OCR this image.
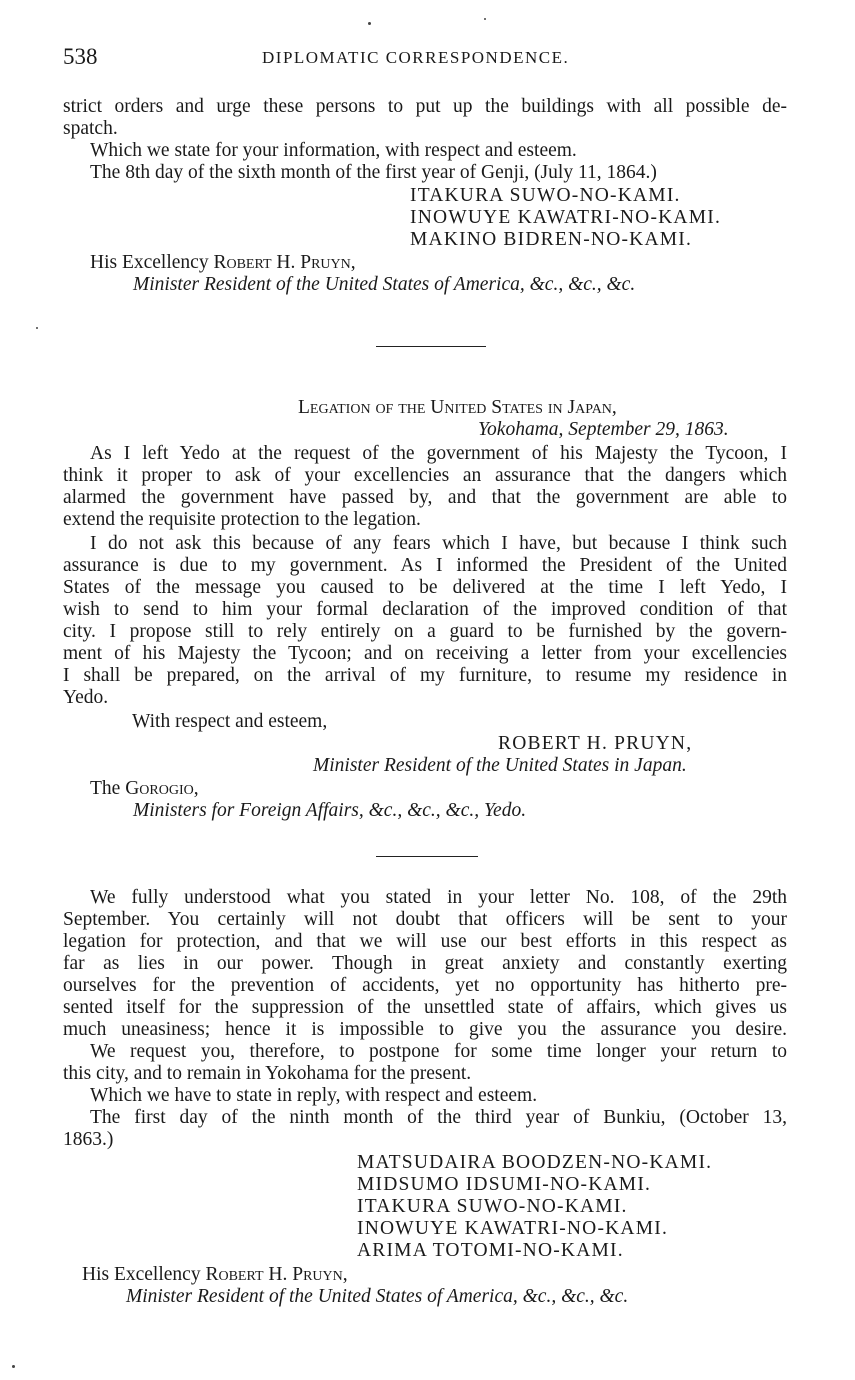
538	DIPLOMATIC CORRESPONDENCE.
strict orders and urge these persons to put up the buildings with all possible de-
spatch.
Which we state for your information, with respect and esteem.
The 8th day of the sixth month of the first year of Genji, (July 11, 1864.)
ITAKURA SUWO-NO-KAMI.
INOWUYE KAWATRI-NO-KAMI.
MAKINO BIDREN-NO-KAMI.
His Excellency Robert H. Pruyn,
Minister Resident of the United States of America, &c., &c., &c.
Legation of the United States in Japan,
Yokohama, September 29, 1863.
As I left Yedo at the request of the government of his Majesty the Tycoon, I
think it proper to ask of your excellencies an assurance that the dangers which
alarmed the government have passed by, and that the government are able to
extend the requisite protection to the legation.
I do not ask this because of any fears which I have, but because I think such
assurance is due to my government. As I informed the President of the United
States of the message you caused to be delivered at the time I left Yedo, I
wish to send to him your formal declaration of the improved condition of that
city. I propose still to rely entirely on a guard to be furnished by the govern-
ment of his Majesty the Tycoon; and on receiving a letter from your excellencies
I shall be prepared, on the arrival of my furniture, to resume my residence in
Yedo.
With respect and esteem,
ROBERT H. PRUYN,
Minister Resident of the United States in Japan.
The Gorogio,
Ministers for Foreign Affairs, &c., &c., &c., Yedo.
We fully understood what you stated in your letter No. 108, of the 29th
September. You certainly will not doubt that officers will be sent to your
legation for protection, and that we will use our best efforts in this respect as
far as lies in our power. Though in great anxiety and constantly exerting
ourselves for the prevention of accidents, yet no opportunity has hitherto pre-
sented itself for the suppression of the unsettled state of affairs, which gives us
much uneasiness; hence it is impossible to give you the assurance you desire.
We request you, therefore, to postpone for some time longer your return to
this city, and to remain in Yokohama for the present.
Which we have to state in reply, with respect and esteem.
The first day of the ninth month of the third year of Bunkiu, (October 13,
1863.)
MATSUDAIRA BOODZEN-NO-KAMI.
MIDSUMO IDSUMI-NO-KAMI.
ITAKURA SUWO-NO-KAMI.
INOWUYE KAWATRI-NO-KAMI.
ARIMA TOTOMI-NO-KAMI.
His Excellency Robert H. Pruyn,
Minister Resident of the United States of America, &c., &c., &c.
